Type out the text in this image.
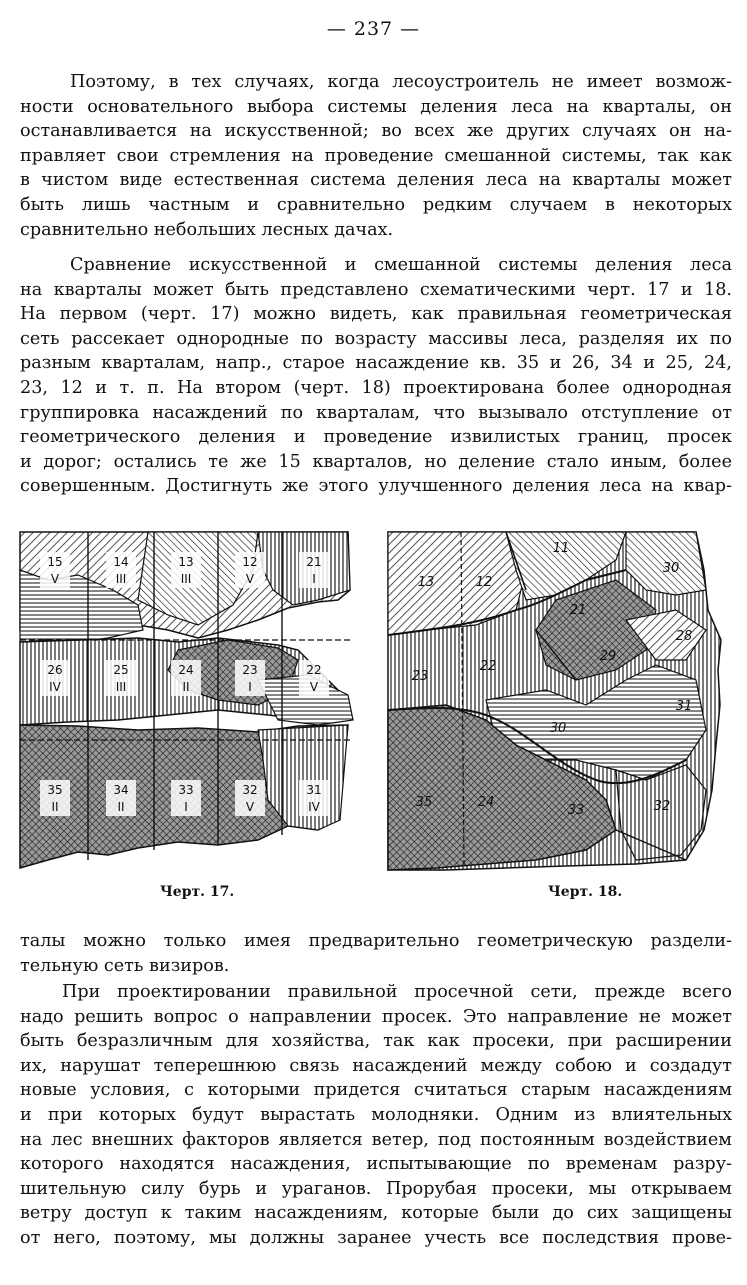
— 237 —

Поэтому, в тех случаях, когда лесоустроитель не имеет возмож-
ности основательного выбора системы деления леса на кварталы, он
останавливается на искусственной; во всех же других случаях он на-
правляет свои стремления на проведение смешанной системы, так как
в чистом виде естественная система деления леса на кварталы может
быть лишь частным и сравнительно редким случаем в некоторых
сравнительно небольших лесных дачах.

Сравнение искусственной и смешанной системы деления леса
на кварталы может быть представлено схематическими черт. 17 и 18.
На первом (черт. 17) можно видеть, как правильная геометрическая
сеть рассекает однородные по возрасту массивы леса, разделяя их по
разным кварталам, напр., старое насаждение кв. 35 и 26, 34 и 25, 24,
23, 12 и т. п. На втором (черт. 18) проектирована более однородная
группировка насаждений по кварталам, что вызывало отступление от
геометрического деления и проведение извилистых границ, просек
и дорог; остались те же 15 кварталов, но деление стало иным, более
совершенным. Достигнуть же этого улучшенного деления леса на квар-

15
V
14
III
13
III
12
V
21
I
26
IV
25
III
24
II
23
I
22
V
35
II
34
II
33
I
32
V
31
IV
13	12
11
30
21
28
23
22
29
30
31
35	24
33	32
Черт. 17.	Черт. 18.

талы можно только имея предварительно геометрическую раздели-
тельную сеть визиров.

При проектировании правильной просечной сети, прежде всего
надо решить вопрос о направлении просек. Это направление не может
быть безразличным для хозяйства, так как просеки, при расширении
их, нарушат теперешнюю связь насаждений между собою и создадут
новые условия, с которыми придется считаться старым насаждениям
и при которых будут вырастать молодняки. Одним из влиятельных
на лес внешних факторов является ветер, под постоянным воздействием
которого находятся насаждения, испытывающие по временам разру-
шительную силу бурь и ураганов. Прорубая просеки, мы открываем
ветру доступ к таким насаждениям, которые были до сих защищены
от него, поэтому, мы должны заранее учесть все последствия прове-
